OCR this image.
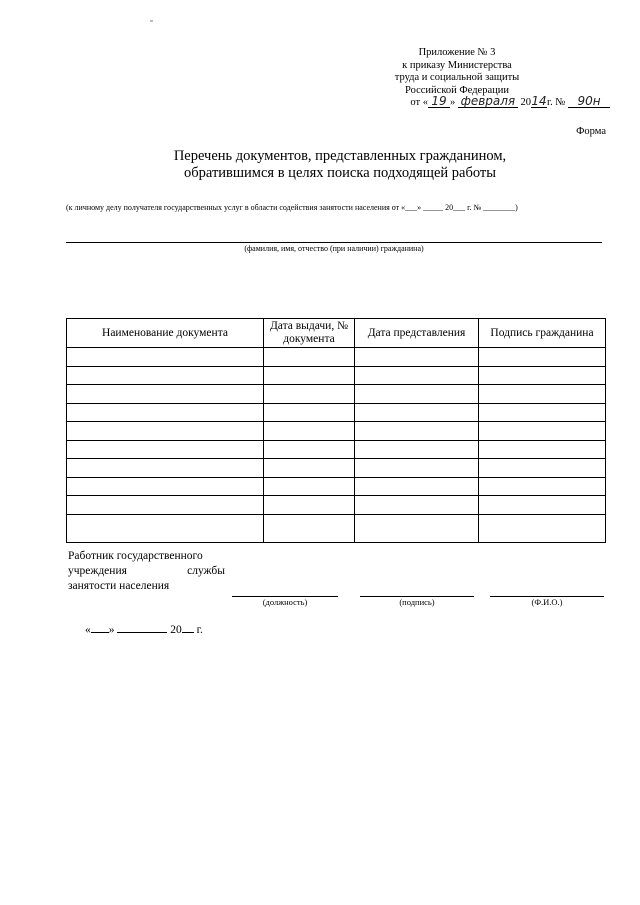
Приложение № 3
к приказу Министерства
труда и социальной защиты
Российской Федерации
от « 19 » февраля 2014г. № 90н
Форма
Перечень документов, представленных гражданином,
обратившимся в целях поиска подходящей работы
(к личному делу получателя государственных услуг в области содействия занятости населения от «___» _____ 20___ г. № ________)
(фамилия, имя, отчество (при наличии) гражданина)
Наименование документа	Дата выдачи, № документа	Дата представления	Подпись гражданина

Работник государственного
учреждения	службы
занятости населения
(должность)	(подпись)	(Ф.И.О.)
« »	20 г.
